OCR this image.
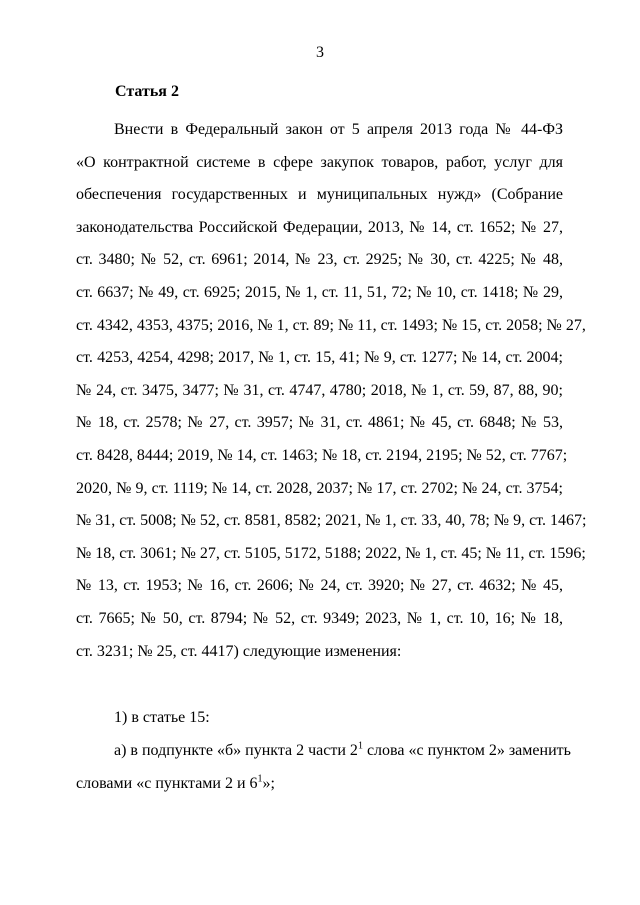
3
Статья 2
Внести в Федеральный закон от 5 апреля 2013 года № 44-ФЗ
«О контрактной системе в сфере закупок товаров, работ, услуг для
обеспечения государственных и муниципальных нужд» (Собрание
законодательства Российской Федерации, 2013, № 14, ст. 1652; № 27,
ст. 3480; № 52, ст. 6961; 2014, № 23, ст. 2925; № 30, ст. 4225; № 48,
ст. 6637; № 49, ст. 6925; 2015, № 1, ст. 11, 51, 72; № 10, ст. 1418; № 29,
ст. 4342, 4353, 4375; 2016, № 1, ст. 89; № 11, ст. 1493; № 15, ст. 2058; № 27,
ст. 4253, 4254, 4298; 2017, № 1, ст. 15, 41; № 9, ст. 1277; № 14, ст. 2004;
№ 24, ст. 3475, 3477; № 31, ст. 4747, 4780; 2018, № 1, ст. 59, 87, 88, 90;
№ 18, ст. 2578; № 27, ст. 3957; № 31, ст. 4861; № 45, ст. 6848; № 53,
ст. 8428, 8444; 2019, № 14, ст. 1463; № 18, ст. 2194, 2195; № 52, ст. 7767;
2020, № 9, ст. 1119; № 14, ст. 2028, 2037; № 17, ст. 2702; № 24, ст. 3754;
№ 31, ст. 5008; № 52, ст. 8581, 8582; 2021, № 1, ст. 33, 40, 78; № 9, ст. 1467;
№ 18, ст. 3061; № 27, ст. 5105, 5172, 5188; 2022, № 1, ст. 45; № 11, ст. 1596;
№ 13, ст. 1953; № 16, ст. 2606; № 24, ст. 3920; № 27, ст. 4632; № 45,
ст. 7665; № 50, ст. 8794; № 52, ст. 9349; 2023, № 1, ст. 10, 16; № 18,
ст. 3231; № 25, ст. 4417) следующие изменения:
1) в статье 15:
а) в подпункте «б» пункта 2 части $2^1$ слова «с пунктом 2» заменить
словами «с пунктами 2 и $6^1$»;
